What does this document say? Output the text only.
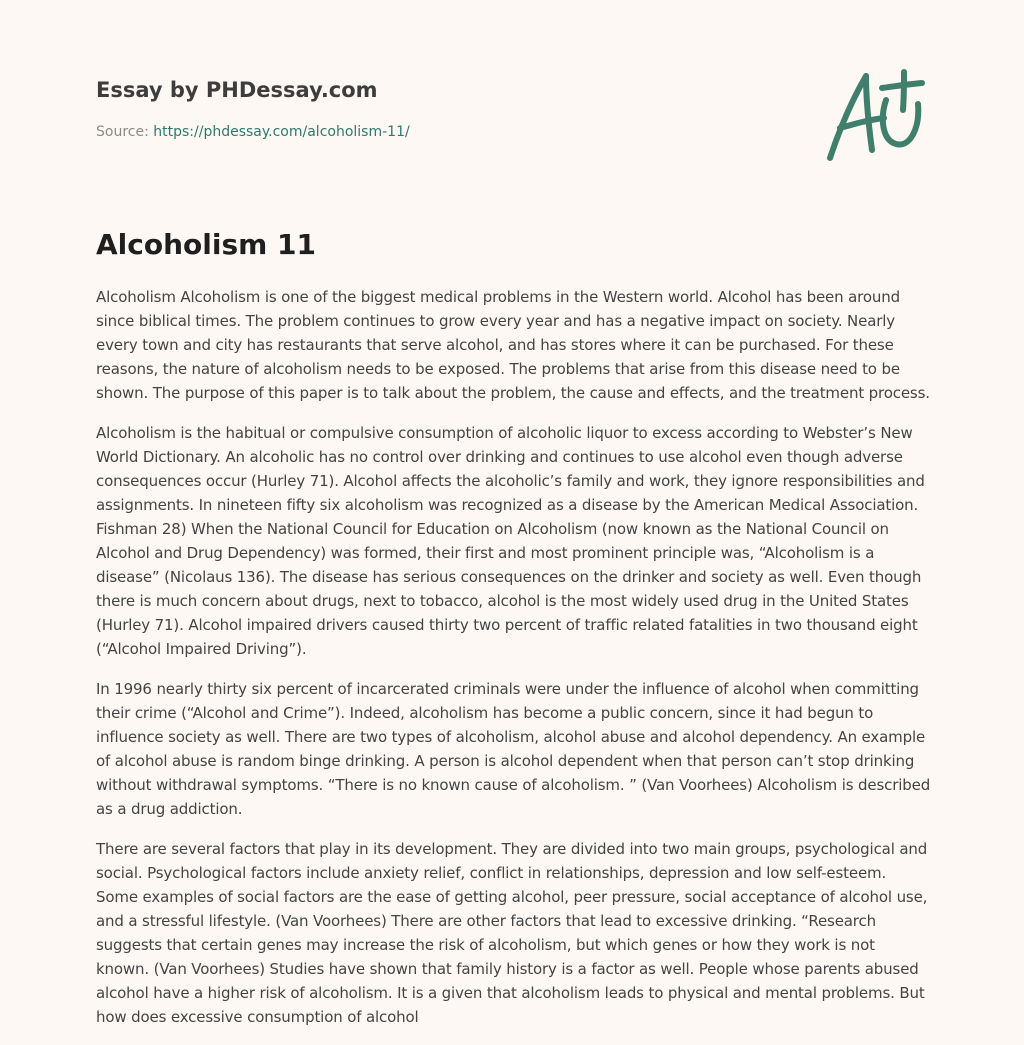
Essay by PHDessay.com
Source: https://phdessay.com/alcoholism-11/
Alcoholism 11

Alcoholism Alcoholism is one of the biggest medical problems in the Western world. Alcohol has been around since biblical times. The problem continues to grow every year and has a negative impact on society. Nearly every town and city has restaurants that serve alcohol, and has stores where it can be purchased. For these reasons, the nature of alcoholism needs to be exposed. The problems that arise from this disease need to be shown. The purpose of this paper is to talk about the problem, the cause and effects, and the treatment process.

Alcoholism is the habitual or compulsive consumption of alcoholic liquor to excess according to Webster’s New World Dictionary. An alcoholic has no control over drinking and continues to use alcohol even though adverse consequences occur (Hurley 71). Alcohol affects the alcoholic’s family and work, they ignore responsibilities and assignments. In nineteen fifty six alcoholism was recognized as a disease by the American Medical Association. Fishman 28) When the National Council for Education on Alcoholism (now known as the National Council on Alcohol and Drug Dependency) was formed, their first and most prominent principle was, “Alcoholism is a disease” (Nicolaus 136). The disease has serious consequences on the drinker and society as well. Even though there is much concern about drugs, next to tobacco, alcohol is the most widely used drug in the United States (Hurley 71). Alcohol impaired drivers caused thirty two percent of traffic related fatalities in two thousand eight (“Alcohol Impaired Driving”).

In 1996 nearly thirty six percent of incarcerated criminals were under the influence of alcohol when committing their crime (“Alcohol and Crime”). Indeed, alcoholism has become a public concern, since it had begun to influence society as well. There are two types of alcoholism, alcohol abuse and alcohol dependency. An example of alcohol abuse is random binge drinking. A person is alcohol dependent when that person can’t stop drinking without withdrawal symptoms. “There is no known cause of alcoholism. ” (Van Voorhees) Alcoholism is described as a drug addiction.

There are several factors that play in its development. They are divided into two main groups, psychological and social. Psychological factors include anxiety relief, conflict in relationships, depression and low self-esteem. Some examples of social factors are the ease of getting alcohol, peer pressure, social acceptance of alcohol use, and a stressful lifestyle. (Van Voorhees) There are other factors that lead to excessive drinking. “Research suggests that certain genes may increase the risk of alcoholism, but which genes or how they work is not known. (Van Voorhees) Studies have shown that family history is a factor as well. People whose parents abused alcohol have a higher risk of alcoholism. It is a given that alcoholism leads to physical and mental problems. But how does excessive consumption of alcohol
